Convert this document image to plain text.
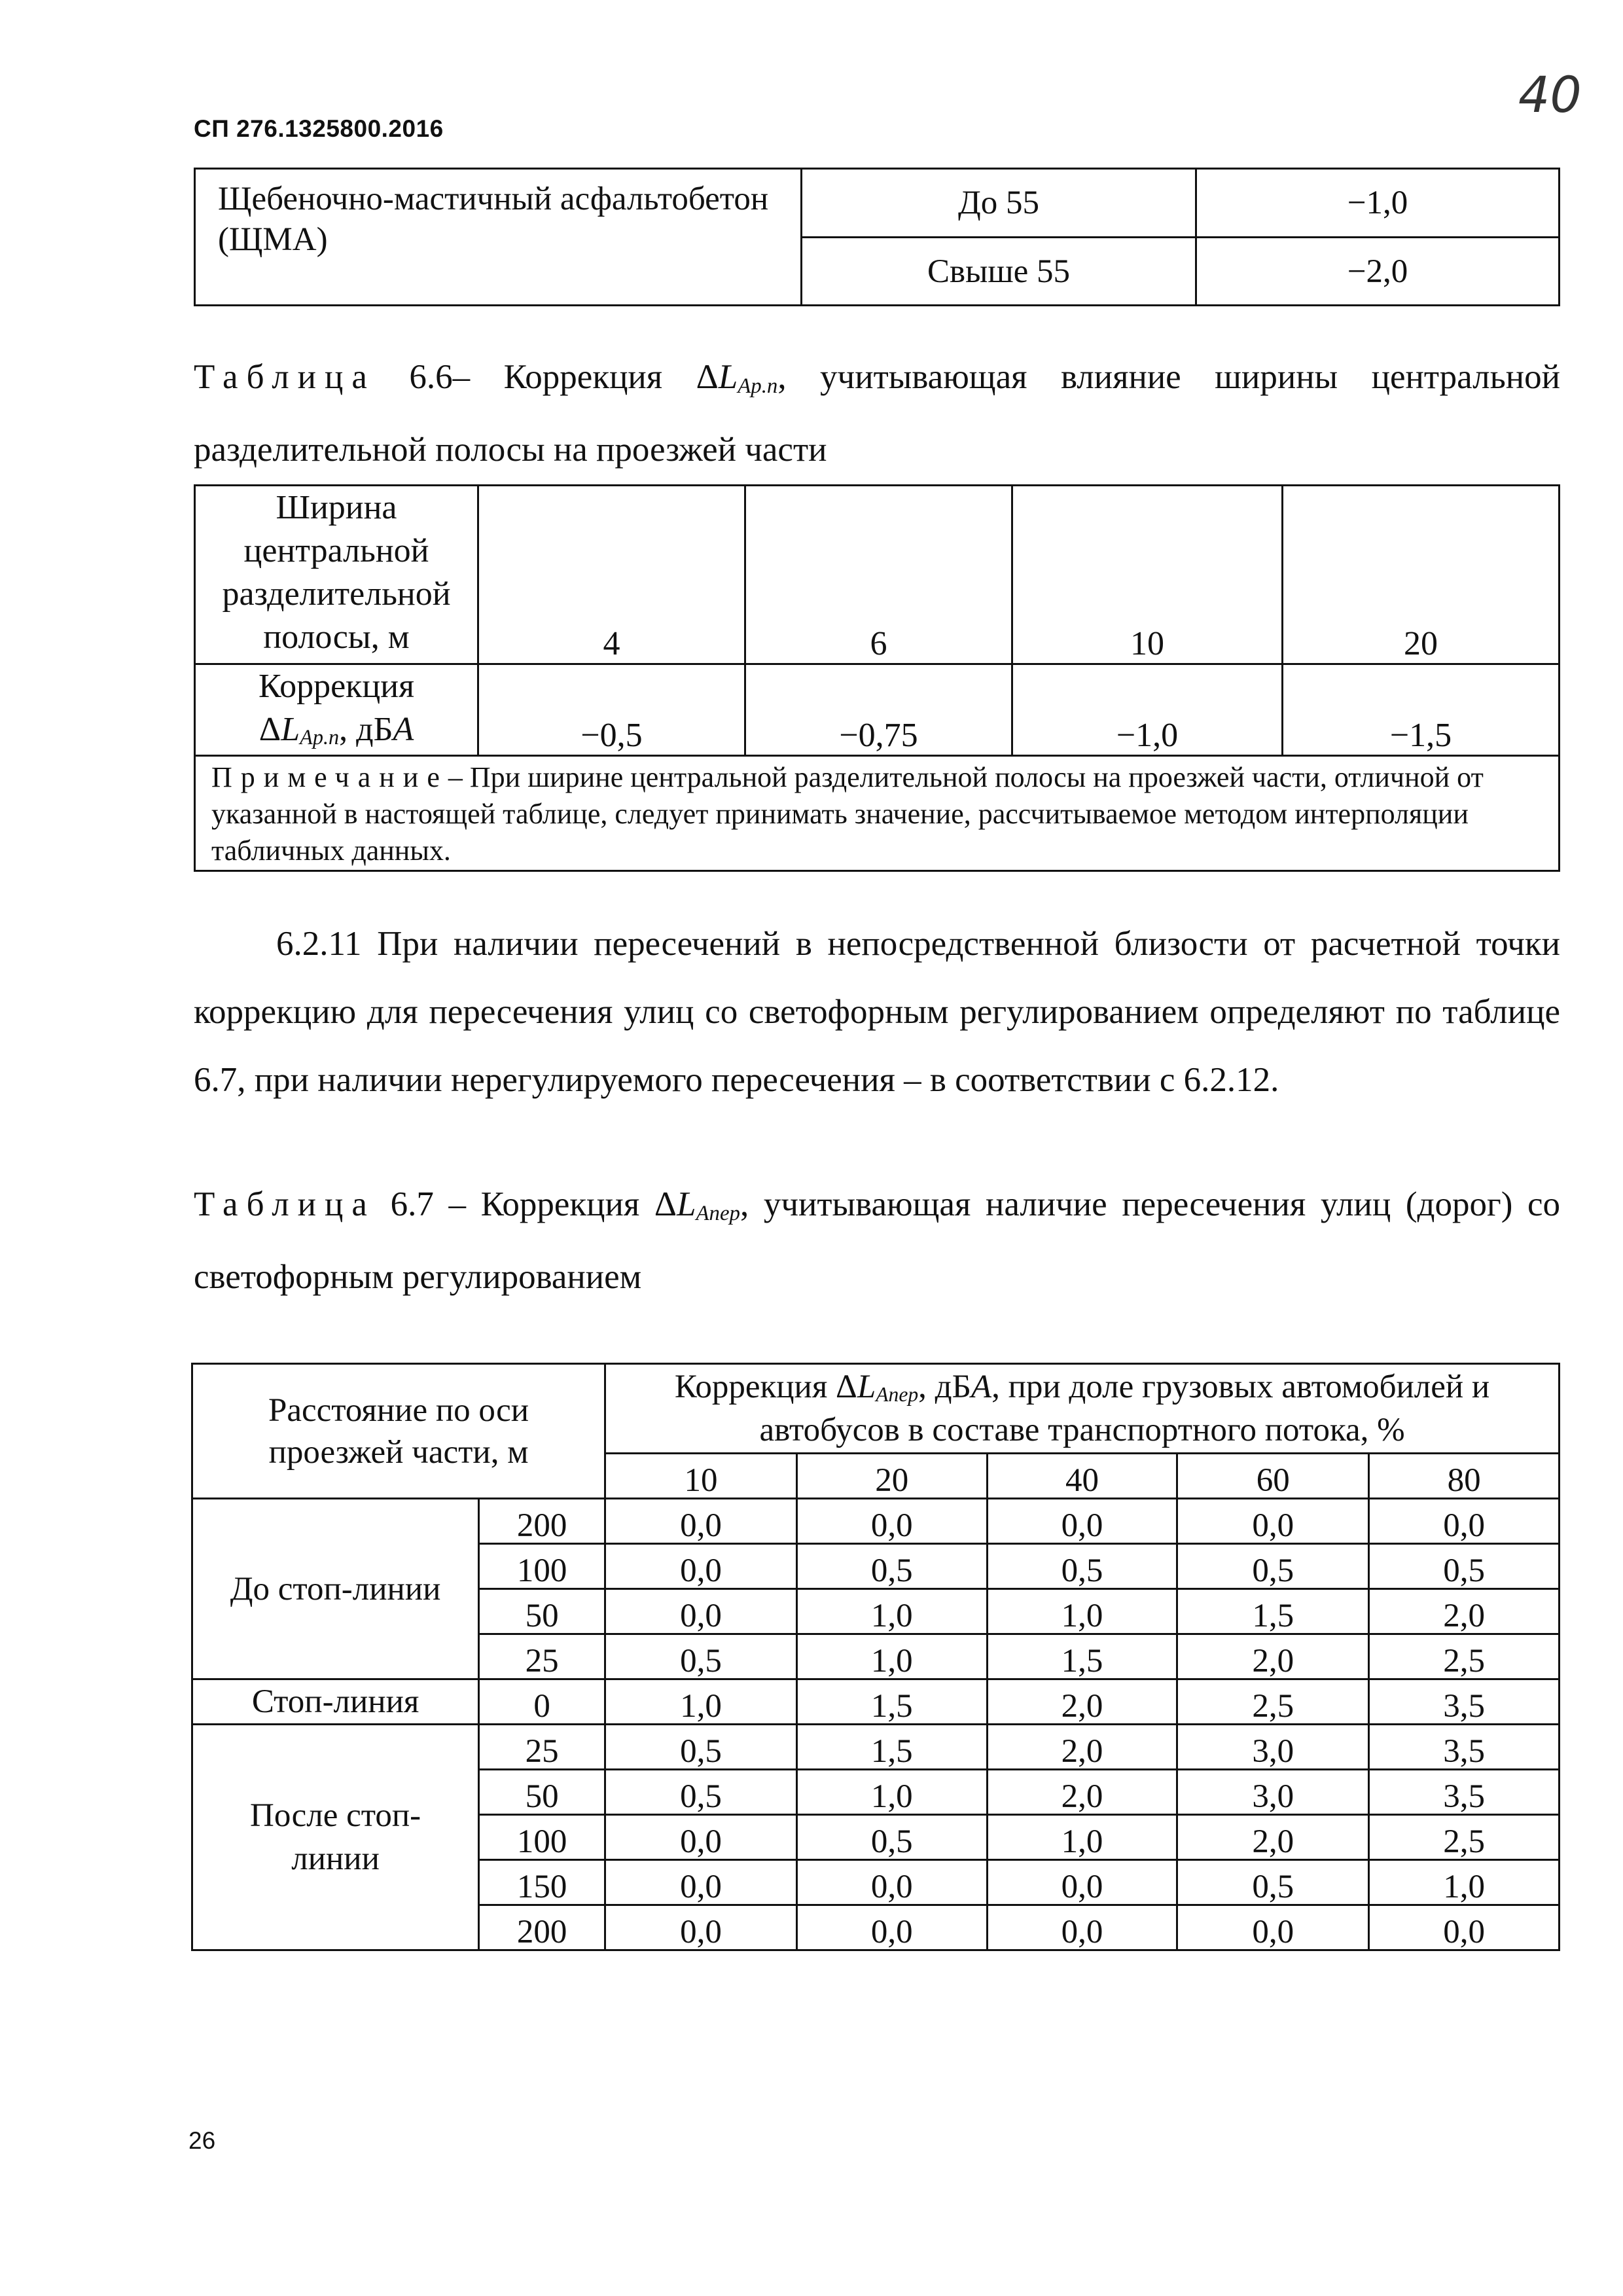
СП 276.1325800.2016
40
Щебеночно-мастичный асфальтобетон (ЩМА)	До 55	−1,0
	Свыше 55	−2,0
Таблица 6.6– Коррекция $\Delta L_{Ар.п}$, учитывающая влияние ширины центральной разделительной полосы на проезжей части
Ширина центральной разделительной полосы, м	4	6	10	20
Коррекция
$\Delta L_{Ар.п}$, дБА	−0,5	−0,75	−1,0	−1,5
Примечание– При ширине центральной разделительной полосы на проезжей части, отличной от указанной в настоящей таблице, следует принимать значение, рассчитываемое методом интерполяции табличных данных.				
6.2.11 При наличии пересечений в непосредственной близости от расчетной точки коррекцию для пересечения улиц со светофорным регулированием определяют по таблице 6.7, при наличии нерегулируемого пересечения – в соответствии с 6.2.12.
Таблица 6.7 – Коррекция $\Delta L_{Апер}$, учитывающая наличие пересечения улиц (дорог) со светофорным регулированием
Расстояние по оси проезжей части, м		Коррекция $\Delta L_{Апер}$, дБА, при доле грузовых автомобилей и автобусов в составе транспортного потока, %				
		10	20	40	60	80
До стоп-линии	200	0,0	0,0	0,0	0,0	0,0
	100	0,0	0,5	0,5	0,5	0,5
	50	0,0	1,0	1,0	1,5	2,0
	25	0,5	1,0	1,5	2,0	2,5
Стоп-линия	0	1,0	1,5	2,0	2,5	3,5
После стоп-линии	25	0,5	1,5	2,0	3,0	3,5
	50	0,5	1,0	2,0	3,0	3,5
	100	0,0	0,5	1,0	2,0	2,5
	150	0,0	0,0	0,0	0,5	1,0
	200	0,0	0,0	0,0	0,0	0,0
26
